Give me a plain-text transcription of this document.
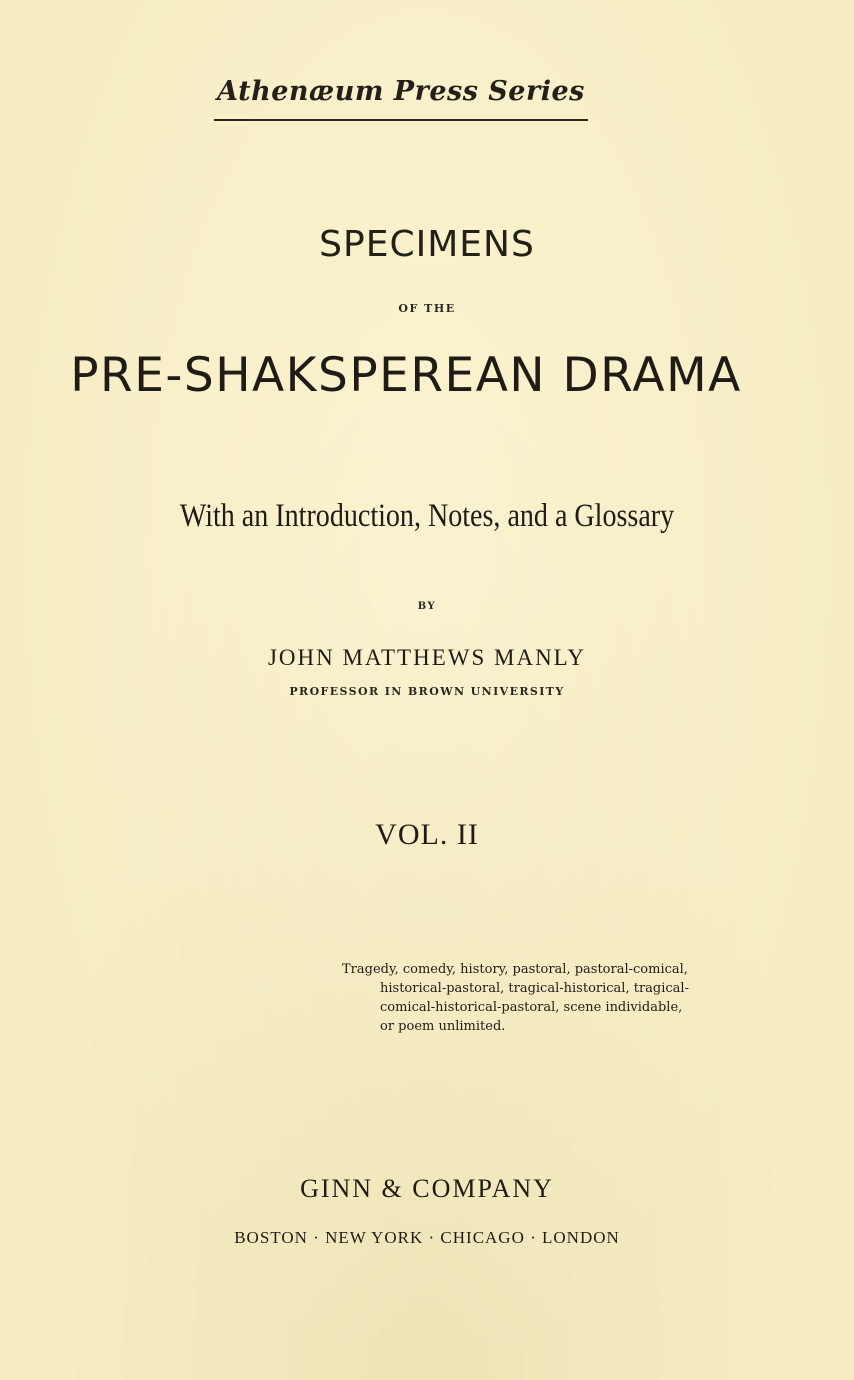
Athenæum Press Series
SPECIMENS
OF THE
PRE-SHAKSPEREAN DRAMA
With an Introduction, Notes, and a Glossary
BY
JOHN MATTHEWS MANLY
PROFESSOR IN BROWN UNIVERSITY
VOL. II
Tragedy, comedy, history, pastoral, pastoral-comical,
historical-pastoral, tragical-historical, tragical-
comical-historical-pastoral, scene individable,
or poem unlimited.
GINN & COMPANY
BOSTON · NEW YORK · CHICAGO · LONDON
